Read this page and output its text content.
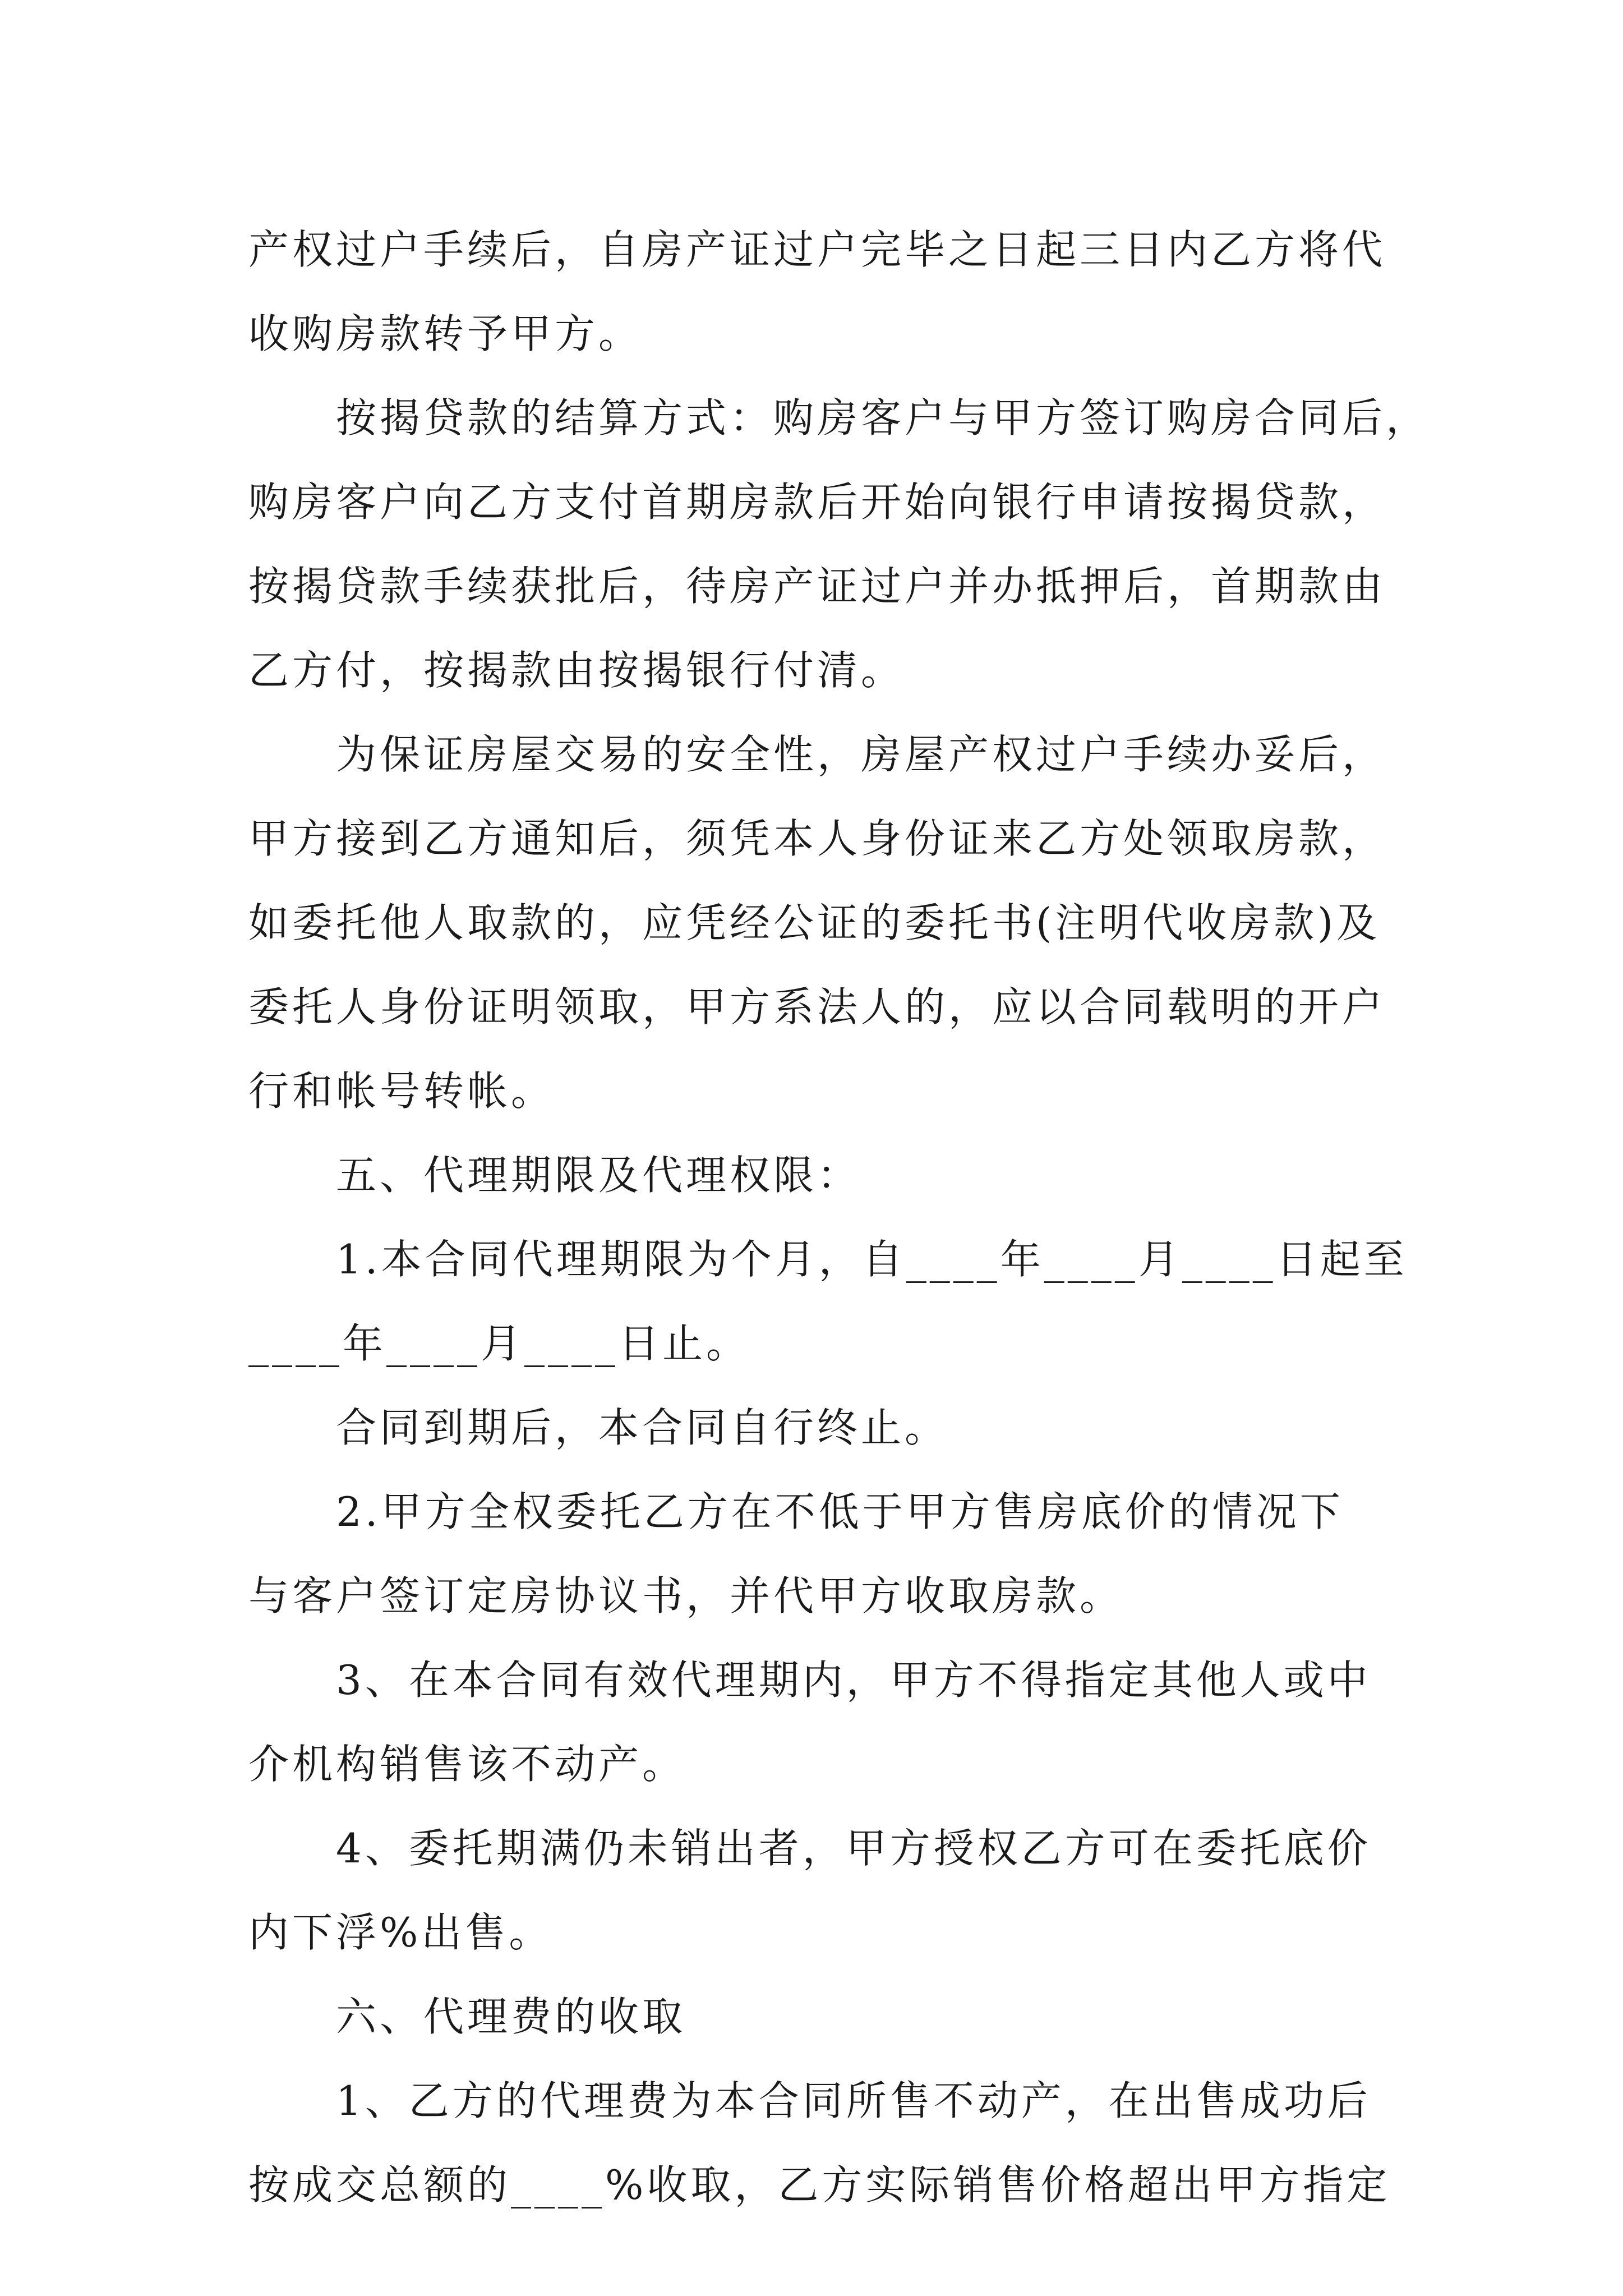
产权过户手续后，自房产证过户完毕之日起三日内乙方将代
收购房款转予甲方。
按揭贷款的结算方式：购房客户与甲方签订购房合同后，
购房客户向乙方支付首期房款后开始向银行申请按揭贷款，
按揭贷款手续获批后，待房产证过户并办抵押后，首期款由
乙方付，按揭款由按揭银行付清。
为保证房屋交易的安全性，房屋产权过户手续办妥后，
甲方接到乙方通知后，须凭本人身份证来乙方处领取房款，
如委托他人取款的，应凭经公证的委托书(注明代收房款)及
委托人身份证明领取，甲方系法人的，应以合同载明的开户
行和帐号转帐。
五、代理期限及代理权限：
1.本合同代理期限为个月，自____年____月____日起至
____年____月____日止。
合同到期后，本合同自行终止。
2.甲方全权委托乙方在不低于甲方售房底价的情况下
与客户签订定房协议书，并代甲方收取房款。
3、在本合同有效代理期内，甲方不得指定其他人或中
介机构销售该不动产。
4、委托期满仍未销出者，甲方授权乙方可在委托底价
内下浮%出售。
六、代理费的收取
1、乙方的代理费为本合同所售不动产，在出售成功后
按成交总额的____%收取，乙方实际销售价格超出甲方指定
